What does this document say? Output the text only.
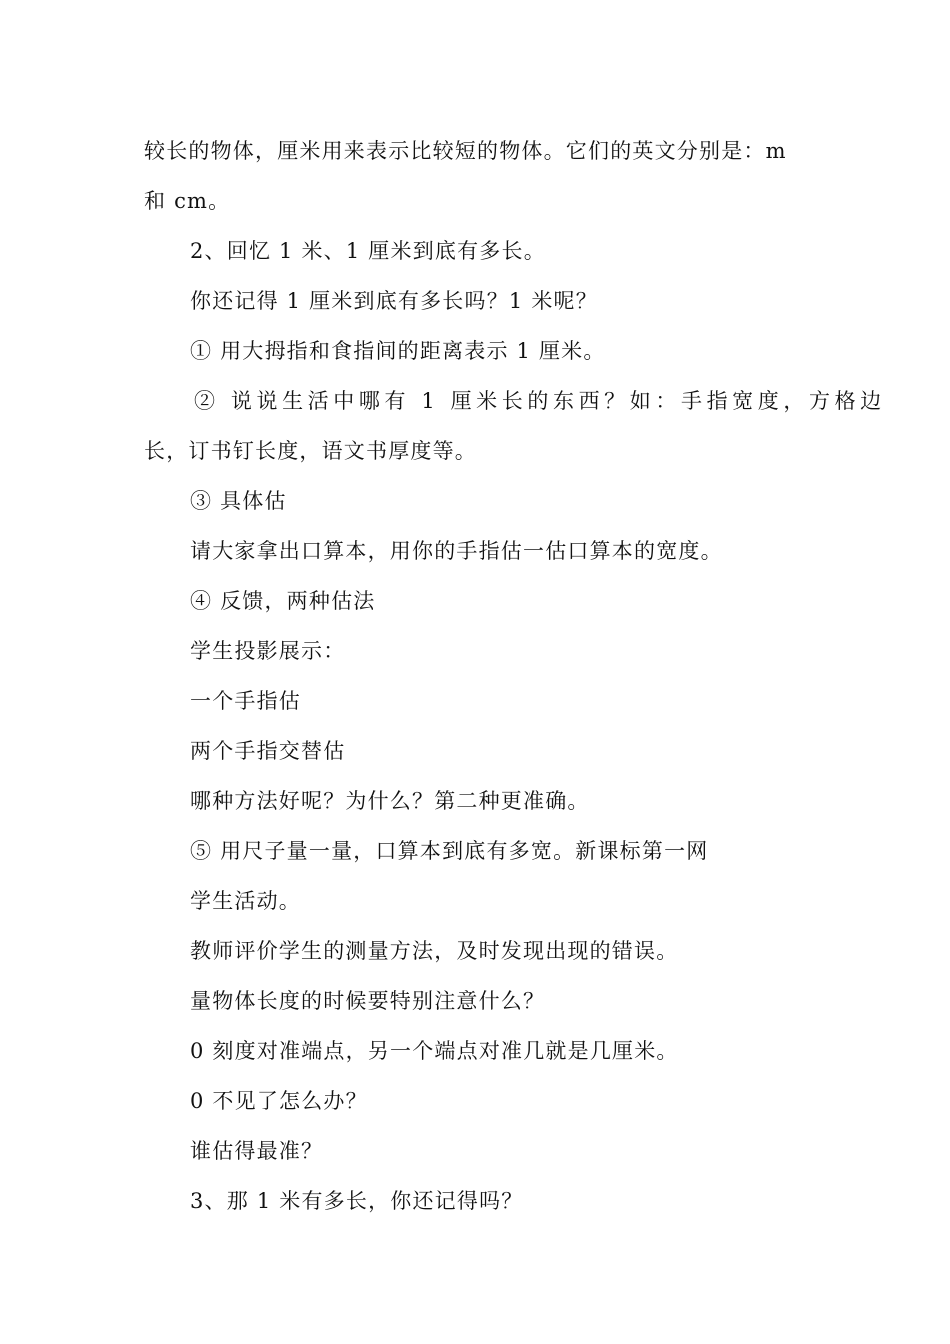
较长的物体，厘米用来表示比较短的物体。它们的英文分别是：m
和 cm。
2、回忆 1 米、1 厘米到底有多长。
你还记得 1 厘米到底有多长吗？1 米呢？
① 用大拇指和食指间的距离表示 1 厘米。
② 说说生活中哪有 1 厘米长的东西？如：手指宽度，方格边
长，订书钉长度，语文书厚度等。
③ 具体估
请大家拿出口算本，用你的手指估一估口算本的宽度。
④ 反馈，两种估法
学生投影展示：
一个手指估
两个手指交替估
哪种方法好呢？为什么？第二种更准确。
⑤ 用尺子量一量，口算本到底有多宽。新课标第一网
学生活动。
教师评价学生的测量方法，及时发现出现的错误。
量物体长度的时候要特别注意什么？
0 刻度对准端点，另一个端点对准几就是几厘米。
0 不见了怎么办？
谁估得最准？
3、那 1 米有多长，你还记得吗？
